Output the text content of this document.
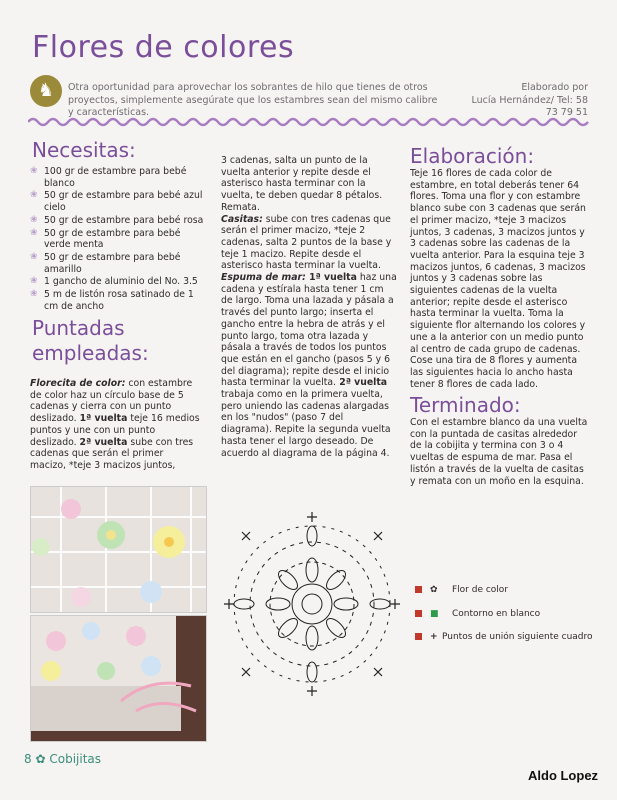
Flores de colores
♞	Otra oportunidad para aprovechar los sobrantes de hilo que tienes de otros proyectos, simplemente asegúrate que los estambres sean del mismo calibre y características.
Elaborado por
Lucía Hernández/ Tel: 58 73 79 51
Necesitas:
❀ 100 gr de estambre para bebé blanco
❀ 50 gr de estambre para bebé azul cielo
❀ 50 gr de estambre para bebé rosa
❀ 50 gr de estambre para bebé verde menta
❀ 50 gr de estambre para bebé amarillo
❀ 1 gancho de aluminio del No. 3.5
❀ 5 m de listón rosa satinado de 1 cm de ancho
Puntadas
empleadas:

Florecita de color: con estambre de color haz un círculo base de 5 cadenas y cierra con un punto deslizado. 1ª vuelta teje 16 medios puntos y une con un punto deslizado. 2ª vuelta sube con tres cadenas que serán el primer macizo, *teje 3 macizos juntos,

3 cadenas, salta un punto de la vuelta anterior y repite desde el asterisco hasta terminar con la vuelta, te deben quedar 8 pétalos. Remata.

Casitas: sube con tres cadenas que serán el primer macizo, *teje 2 cadenas, salta 2 puntos de la base y teje 1 macizo. Repite desde el asterisco hasta terminar la vuelta.

Espuma de mar: 1ª vuelta haz una cadena y estírala hasta tener 1 cm de largo. Toma una lazada y pásala a través del punto largo; inserta el gancho entre la hebra de atrás y el punto largo, toma otra lazada y pásala a través de todos los puntos que están en el gancho (pasos 5 y 6 del diagrama); repite desde el inicio hasta terminar la vuelta. 2ª vuelta trabaja como en la primera vuelta, pero uniendo las cadenas alargadas en los "nudos" (paso 7 del diagrama). Repite la segunda vuelta hasta tener el largo deseado. De acuerdo al diagrama de la página 4.

Elaboración:
Teje 16 flores de cada color de estambre, en total deberás tener 64 flores. Toma una flor y con estambre blanco sube con 3 cadenas que serán el primer macizo, *teje 3 macizos juntos, 3 cadenas, 3 macizos juntos y 3 cadenas sobre las cadenas de la vuelta anterior. Para la esquina teje 3 macizos juntos, 6 cadenas, 3 macizos juntos y 3 cadenas sobre las siguientes cadenas de la vuelta anterior; repite desde el asterisco hasta terminar la vuelta. Toma la siguiente flor alternando los colores y une a la anterior con un medio punto al centro de cada grupo de cadenas. Cose una tira de 8 flores y aumenta las siguientes hacia lo ancho hasta tener 8 flores de cada lado.
Terminado:
Con el estambre blanco da una vuelta con la puntada de casitas alrededor de la cobijita y termina con 3 o 4 vueltas de espuma de mar. Pasa el listón a través de la vuelta de casitas y remata con un moño en la esquina.
✿ Flor de color
■ Contorno en blanco
+ Puntos de unión siguiente cuadro
8 ✿ Cobijitas
Aldo Lopez
